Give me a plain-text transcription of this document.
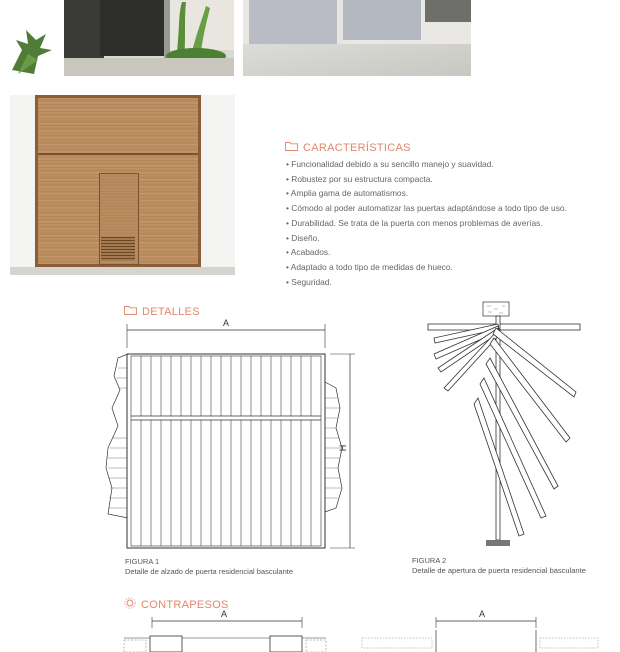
CARACTERÍSTICAS
• Funcionalidad debido a su sencillo manejo y suavidad.
• Robustez por su estructura compacta.
• Amplia gama de automatismos.
• Cómodo al poder automatizar las puertas adaptándose a todo tipo de uso.
• Durabilidad. Se trata de la puerta con menos problemas de averías.
• Diseño.
• Acabados.
• Adaptado a todo tipo de medidas de hueco.
• Seguridad.
DETALLES
A
H
FIGURA 1
Detalle de alzado de puerta residencial basculante
FIGURA 2
Detalle de apertura de puerta residencial basculante
CONTRAPESOS
A	A
